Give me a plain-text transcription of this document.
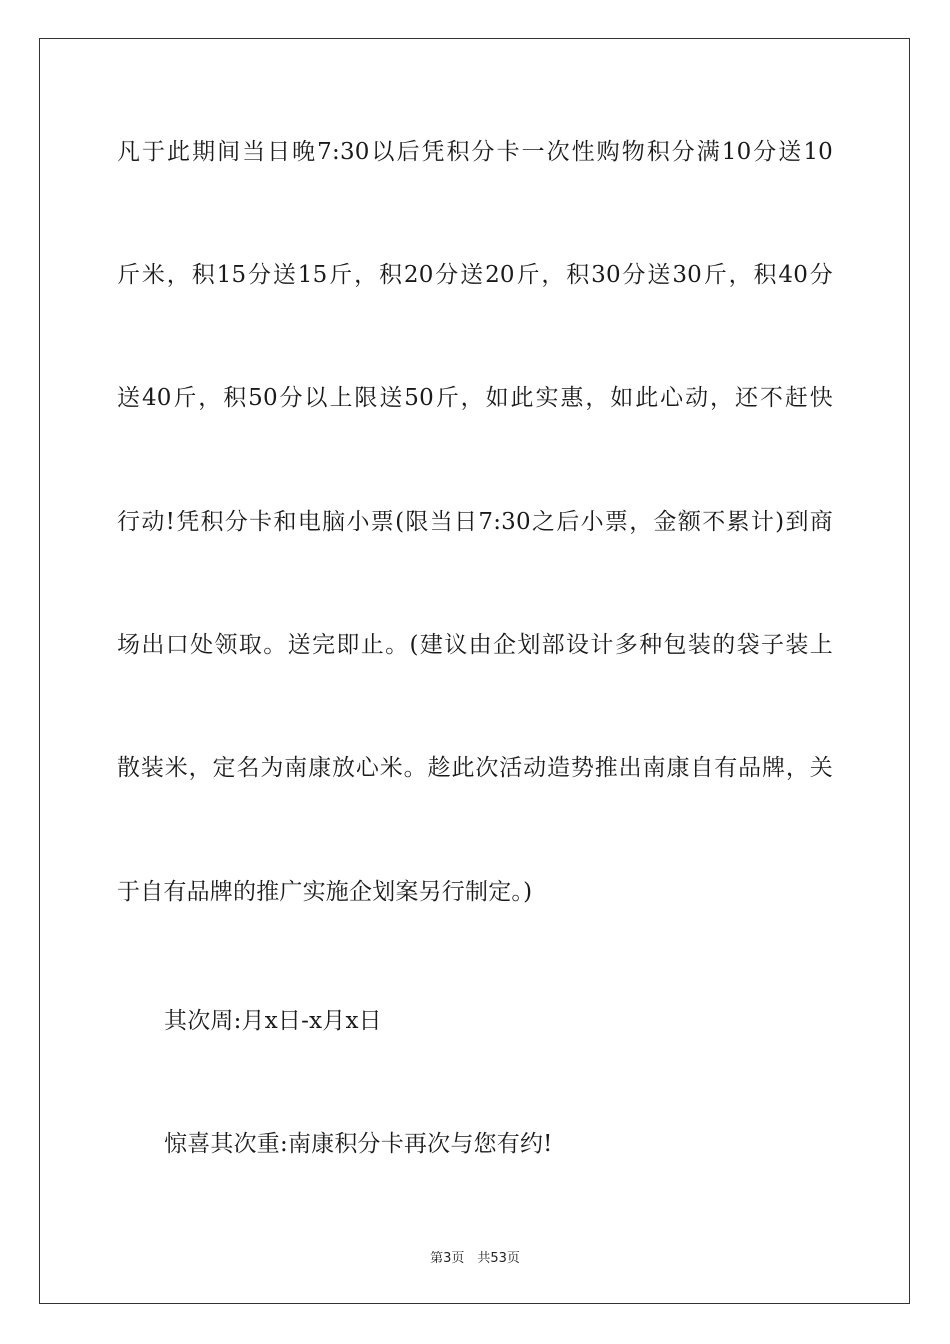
凡于此期间当日晚7:30以后凭积分卡一次性购物积分满10分送10
斤米，积15分送15斤，积20分送20斤，积30分送30斤，积40分
送40斤，积50分以上限送50斤，如此实惠，如此心动，还不赶快
行动!凭积分卡和电脑小票(限当日7:30之后小票，金额不累计)到商
场出口处领取。送完即止。(建议由企划部设计多种包装的袋子装上
散装米，定名为南康放心米。趁此次活动造势推出南康自有品牌，关
于自有品牌的推广实施企划案另行制定。)
其次周:月x日-x月x日
惊喜其次重:南康积分卡再次与您有约!
第3页　共53页
